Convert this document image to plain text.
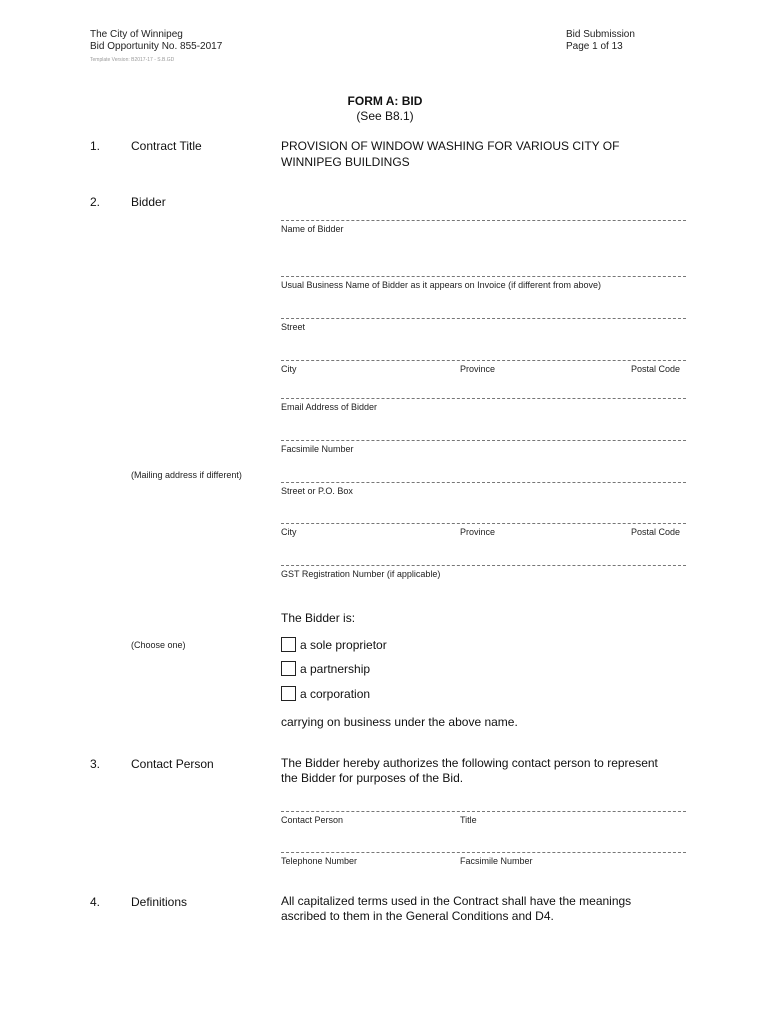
The City of Winnipeg
Bid Opportunity No. 855-2017
Template Version: B2017-17 - S.B.GD
Bid Submission
Page 1 of 13
FORM A: BID
(See B8.1)
1.	Contract Title	PROVISION OF WINDOW WASHING FOR VARIOUS CITY OF
WINNIPEG BUILDINGS
2.	Bidder
Name of Bidder
Usual Business Name of Bidder as it appears on Invoice (if different from above)
Street
City	Province	Postal Code
Email Address of Bidder
Facsimile Number
(Mailing address if different)
Street or P.O. Box
City	Province	Postal Code
GST Registration Number (if applicable)
The Bidder is:
(Choose one)	a sole proprietor
a partnership
a corporation
carrying on business under the above name.
3.	Contact Person	The Bidder hereby authorizes the following contact person to represent
the Bidder for purposes of the Bid.
Contact Person	Title
Telephone Number	Facsimile Number
4.	Definitions	All capitalized terms used in the Contract shall have the meanings
ascribed to them in the General Conditions and D4.
